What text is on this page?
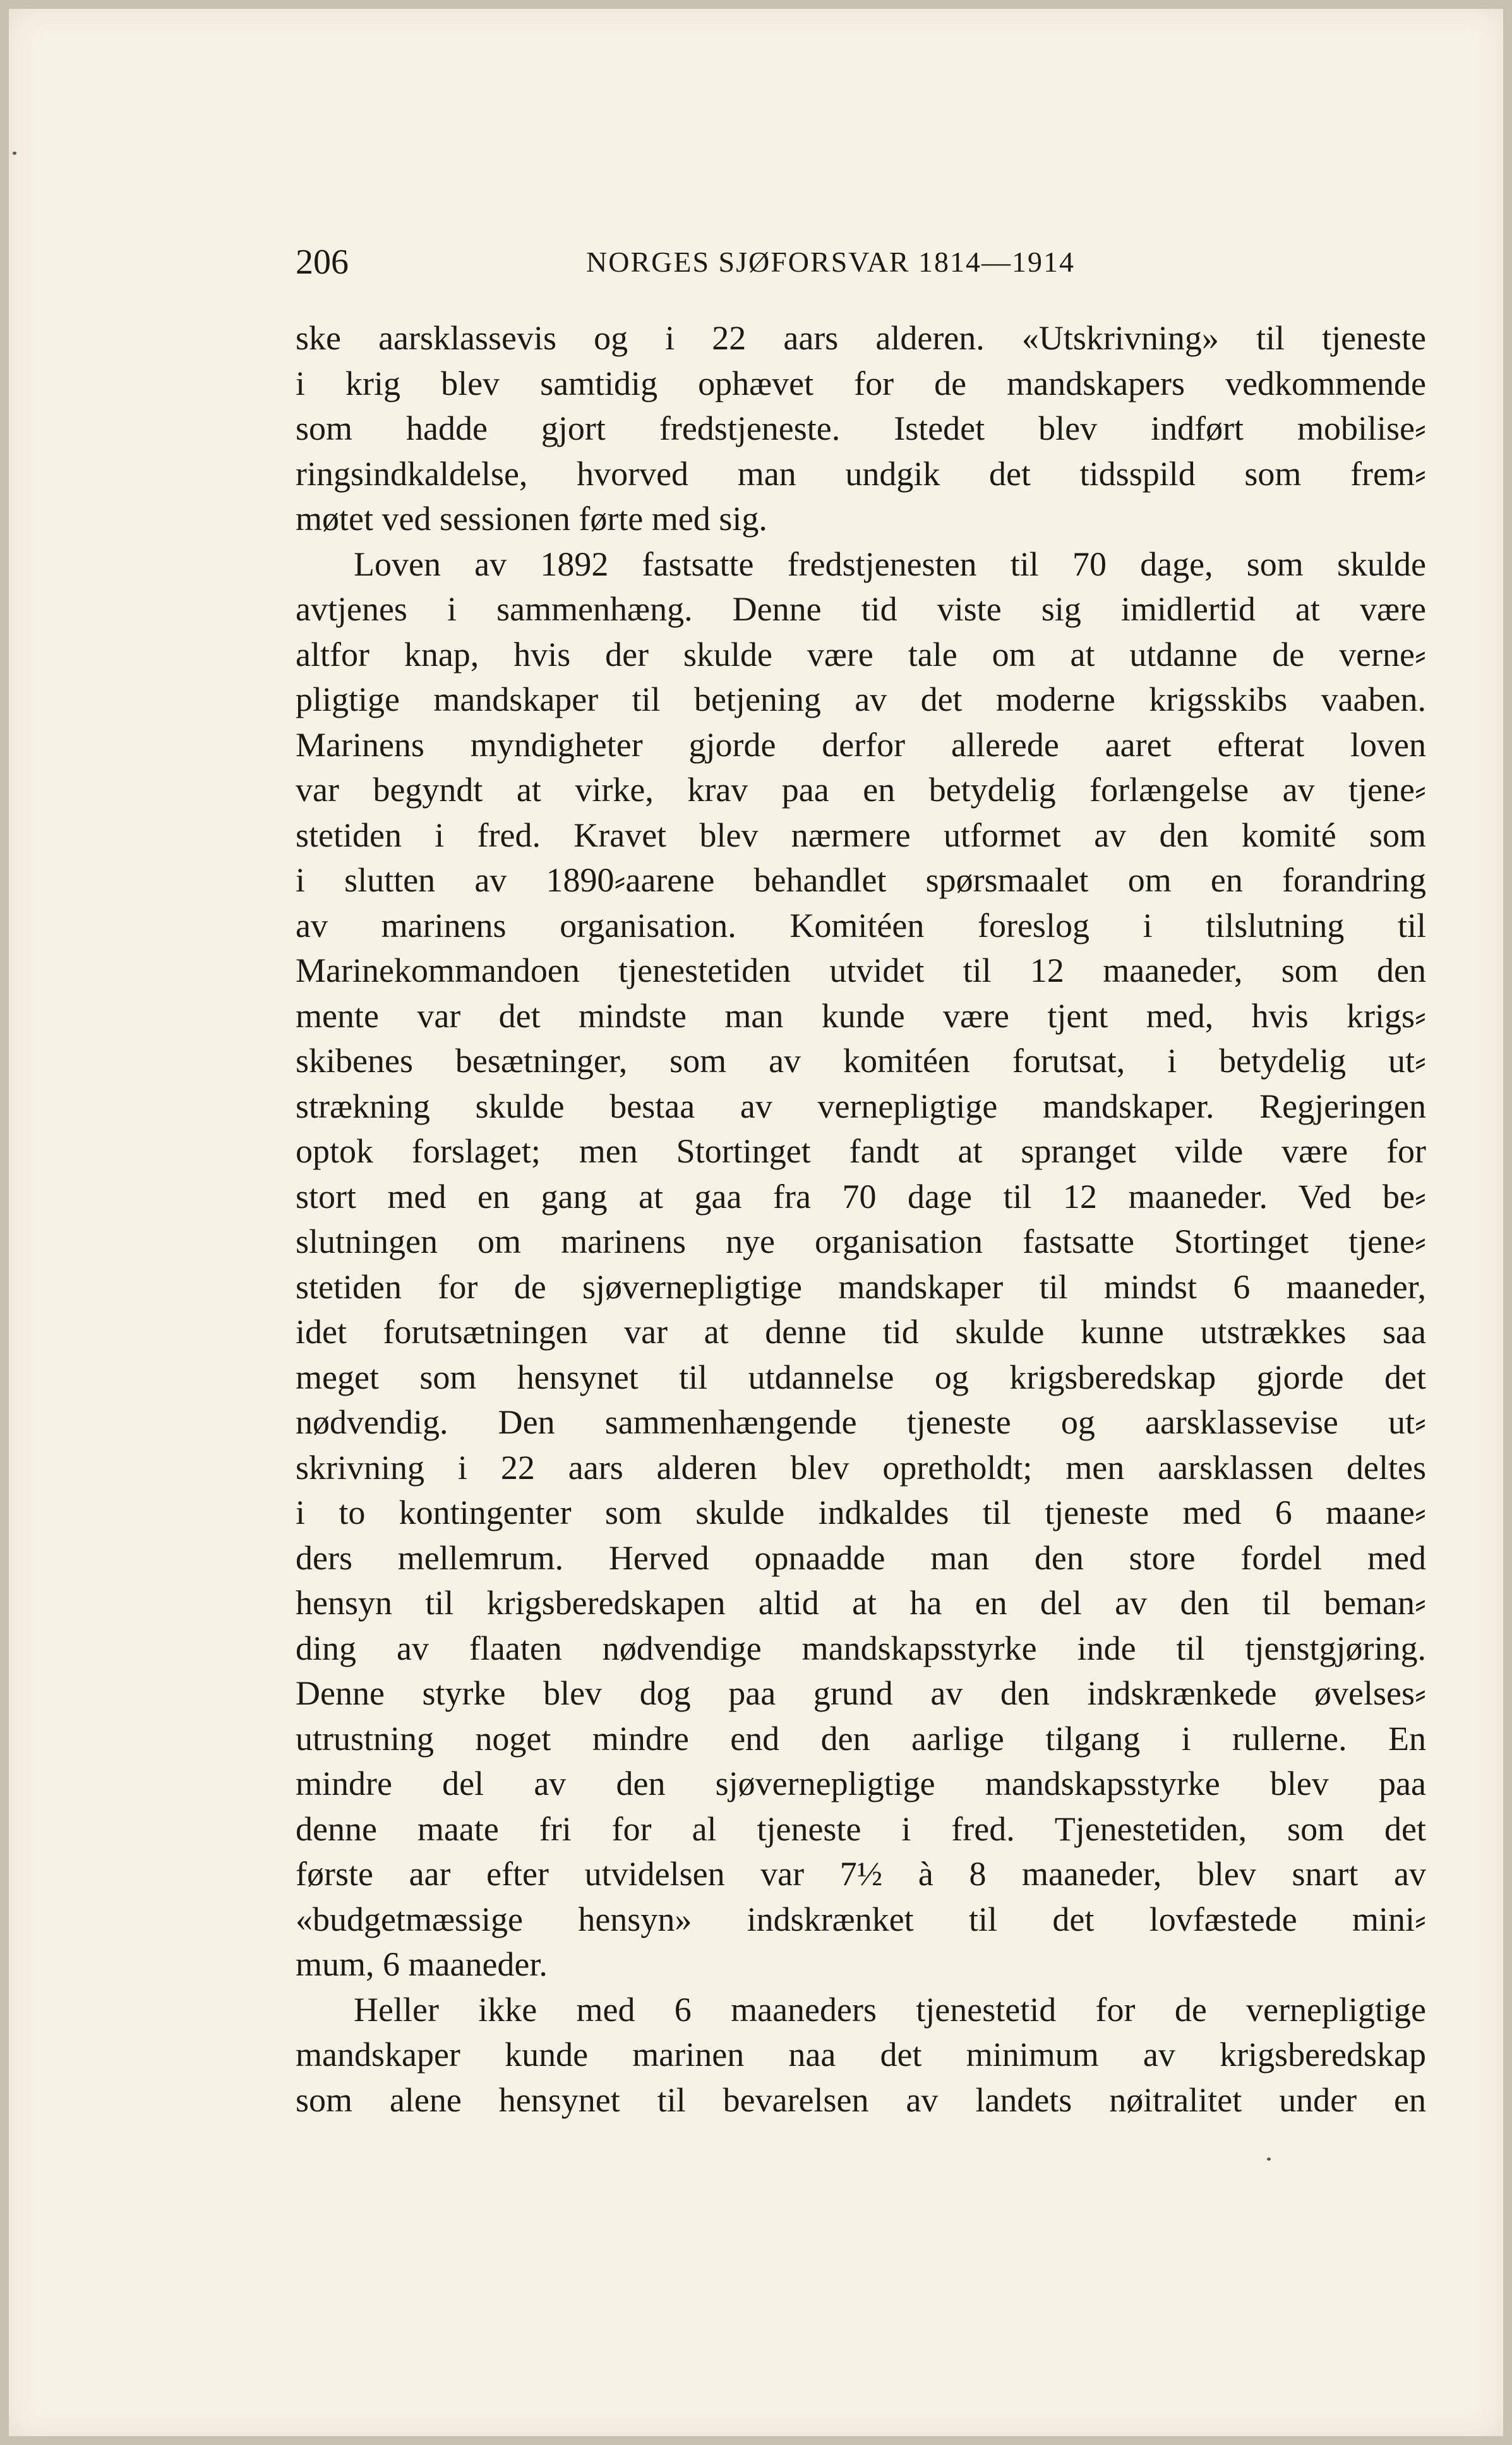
206	NORGES SJØFORSVAR 1814—1914

ske aarsklassevis og i 22 aars alderen. «Utskrivning» til tjeneste
i krig blev samtidig ophævet for de mandskapers vedkommende
som hadde gjort fredstjeneste. Istedet blev indført mobilise⸗
ringsindkaldelse, hvorved man undgik det tidsspild som frem⸗
møtet ved sessionen førte med sig.

Loven av 1892 fastsatte fredstjenesten til 70 dage, som skulde
avtjenes i sammenhæng. Denne tid viste sig imidlertid at være
altfor knap, hvis der skulde være tale om at utdanne de verne⸗
pligtige mandskaper til betjening av det moderne krigsskibs vaaben.
Marinens myndigheter gjorde derfor allerede aaret efterat loven
var begyndt at virke, krav paa en betydelig forlængelse av tjene⸗
stetiden i fred. Kravet blev nærmere utformet av den komité som
i slutten av 1890⸗aarene behandlet spørsmaalet om en forandring
av marinens organisation. Komitéen foreslog i tilslutning til
Marinekommandoen tjenestetiden utvidet til 12 maaneder, som den
mente var det mindste man kunde være tjent med, hvis krigs⸗
skibenes besætninger, som av komitéen forutsat, i betydelig ut⸗
strækning skulde bestaa av vernepligtige mandskaper. Regjeringen
optok forslaget; men Stortinget fandt at spranget vilde være for
stort med en gang at gaa fra 70 dage til 12 maaneder. Ved be⸗
slutningen om marinens nye organisation fastsatte Stortinget tjene⸗
stetiden for de sjøvernepligtige mandskaper til mindst 6 maaneder,
idet forutsætningen var at denne tid skulde kunne utstrækkes saa
meget som hensynet til utdannelse og krigsberedskap gjorde det
nødvendig. Den sammenhængende tjeneste og aarsklassevise ut⸗
skrivning i 22 aars alderen blev opretholdt; men aarsklassen deltes
i to kontingenter som skulde indkaldes til tjeneste med 6 maane⸗
ders mellemrum. Herved opnaadde man den store fordel med
hensyn til krigsberedskapen altid at ha en del av den til beman⸗
ding av flaaten nødvendige mandskapsstyrke inde til tjenstgjøring.
Denne styrke blev dog paa grund av den indskrænkede øvelses⸗
utrustning noget mindre end den aarlige tilgang i rullerne. En
mindre del av den sjøvernepligtige mandskapsstyrke blev paa
denne maate fri for al tjeneste i fred. Tjenestetiden, som det
første aar efter utvidelsen var 7½ à 8 maaneder, blev snart av
«budgetmæssige hensyn» indskrænket til det lovfæstede mini⸗
mum, 6 maaneder.

Heller ikke med 6 maaneders tjenestetid for de vernepligtige
mandskaper kunde marinen naa det minimum av krigsberedskap
som alene hensynet til bevarelsen av landets nøitralitet under en
